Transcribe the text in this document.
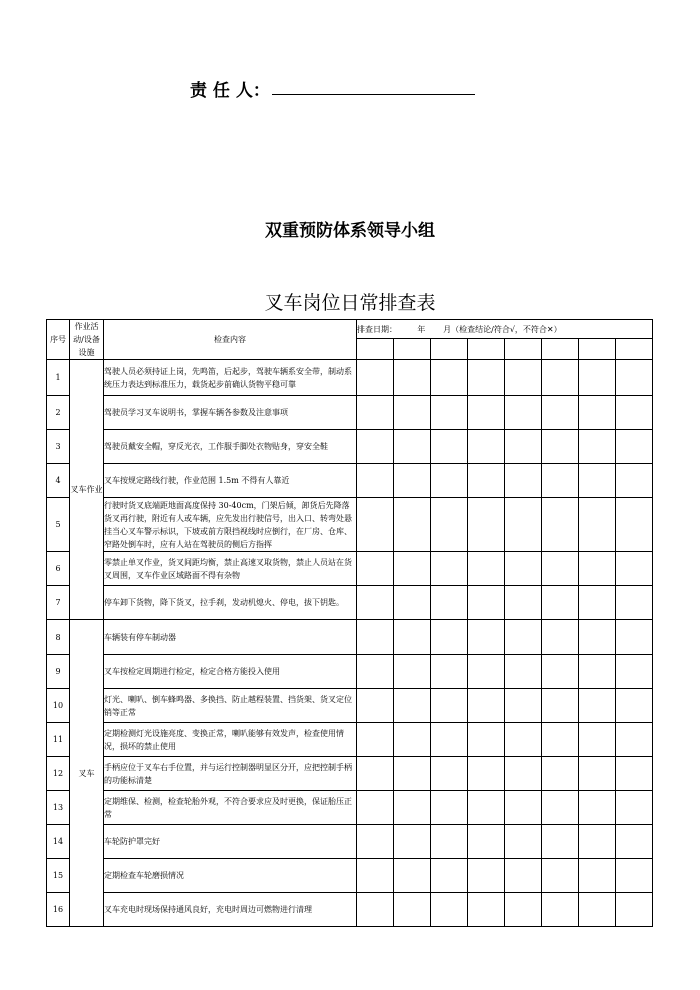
责 任 人：
双重预防体系领导小组
叉车岗位日常排查表
序号	作业活动/设备设施	检查内容	排查日期：        年       月（检查结论/符合√，不符合✕）							

1	叉车作业	驾驶人员必须持证上岗，先鸣笛，后起步，驾驶车辆系安全带，制动系统压力表达到标准压力，载货起步前确认货物平稳可靠								
2		驾驶员学习叉车说明书，掌握车辆各参数及注意事项								
3		驾驶员戴安全帽，穿反光衣，工作服手脚处衣物贴身，穿安全鞋								
4		叉车按规定路线行驶，作业范围 1.5m 不得有人靠近								
5		行驶时货叉底端距地面高度保持 30-40cm，门架后倾，卸货后先降落货叉再行驶，附近有人或车辆，应先发出行驶信号，出入口、转弯处悬挂当心叉车警示标识，下坡或前方限挡视线时应倒行，在厂房、仓库、窄路处倒车时，应有人站在驾驶员的侧后方指挥								
6		零禁止单叉作业，货叉间距均衡，禁止高速叉取货物，禁止人员站在货叉周围，叉车作业区域路面不得有杂物								
7		停车卸下货物，降下货叉，拉手刹，发动机熄火、停电，拔下钥匙。								
8	叉车	车辆装有停车制动器								
9		叉车按检定周期进行检定，检定合格方能投入使用								
10		灯光、喇叭、倒车蜂鸣器、多换挡、防止越程装置、挡货架、货叉定位销等正常								
11		定期检测灯光设施亮度、变换正常，喇叭能够有效发声，检查使用情况，损坏的禁止使用								
12		手柄应位于叉车右手位置，并与运行控制器明显区分开，应把控制手柄的功能标清楚								
13		定期维保、检测，检查轮胎外观，不符合要求应及时更换，保证胎压正常								
14		车轮防护罩完好								
15		定期检查车轮磨损情况								
16		叉车充电时现场保持通风良好，充电时周边可燃物进行清理								
